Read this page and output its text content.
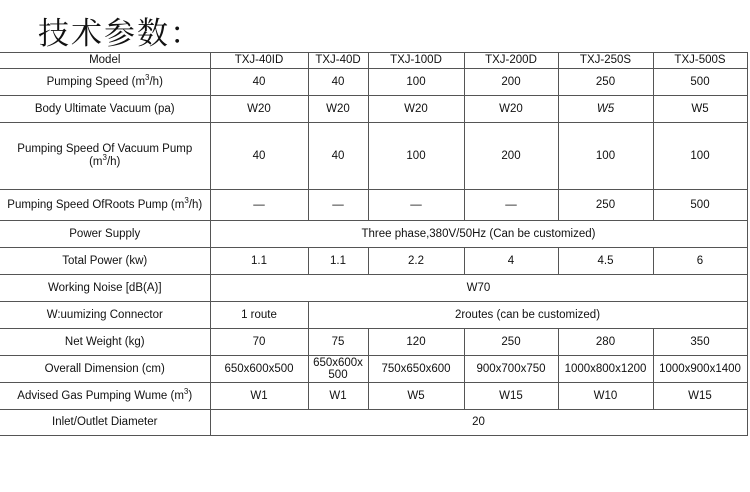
技术参数：
Model	TXJ-40ID	TXJ-40D	TXJ-100D	TXJ-200D	TXJ-250S	TXJ-500S
Pumping Speed $(m^3/h)$	40	40	100	200	250	500
Body Ultimate Vacuum (pa)	W20	W20	W20	W20	W5	W5
Pumping Speed Of Vacuum Pump $(m^3/h)$	40	40	100	200	100	100
Pumping Speed OfRoots Pump $(m^3/h)$	—	—	—	—	250	500
Power Supply	Three phase,380V/50Hz (Can be customized)					
Total Power (kw)	1.1	1.1	2.2	4	4.5	6
Working Noise [dB(A)]	W70					
W:uumizing Connector	1 route	2routes (can be customized)				
Net Weight (kg)	70	75	120	250	280	350
Overall Dimension (cm)	650x600x500	650x600x500	750x650x600	900x700x750	1000x800x1200	1000x900x1400
Advised Gas Pumping Wume $(m^3)$	W1	W1	W5	W15	W10	W15
Inlet/Outlet Diameter	20					
